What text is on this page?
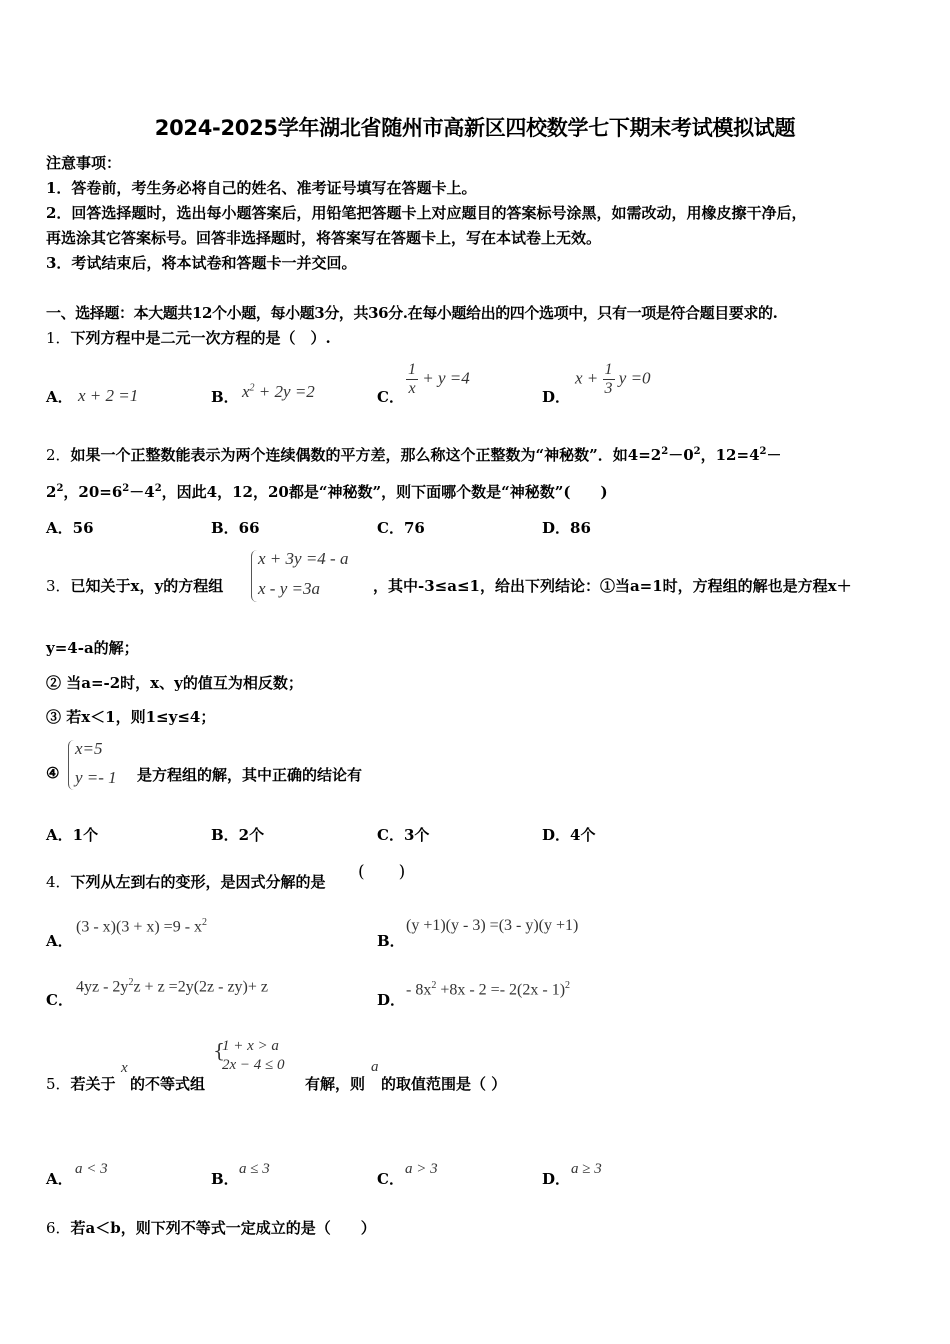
2024-2025学年湖北省随州市高新区四校数学七下期末考试模拟试题
注意事项：
1．答卷前，考生务必将自己的姓名、准考证号填写在答题卡上。
2．回答选择题时，选出每小题答案后，用铅笔把答题卡上对应题目的答案标号涂黑，如需改动，用橡皮擦干净后，
再选涂其它答案标号。回答非选择题时，将答案写在答题卡上，写在本试卷上无效。
3．考试结束后，将本试卷和答题卡一并交回。
一、选择题：本大题共12个小题，每小题3分，共36分.在每小题给出的四个选项中，只有一项是符合题目要求的.
1．下列方程中是二元一次方程的是（　）.
A． x + 2 =1	B． $x^2 + 2y =2$	C． $\frac{1}{x} + y =4$
D．
$x + \frac{1}{3}$ y =0
2．如果一个正整数能表示为两个连续偶数的平方差，那么称这个正整数为“神秘数”．如$4=2^2-0^2$，$12=4^2-$
$2^2$，$20=6^2-4^2$，因此4，12，20都是“神秘数”，则下面哪个数是“神秘数”(　　)
A．56	B．66	C．76	D．86
3．已知关于x，y的方程组
x + 3y =4 - a
x - y =3a	，其中-3≤a≤1，给出下列结论：①当a=1时，方程组的解也是方程x＋
y=4-a的解；
② 当a=-2时，x、y的值互为相反数；
③ 若x＜1，则1≤y≤4；
④
x=5
y =- 1 是方程组的解，其中正确的结论有
A．1个	B．2个	C．3个	D．4个
4．下列从左到右的变形，是因式分解的是 (　　)
A．
$(3 - x)(3 + x) =9 - x^2$
B．
(y +1)(y - 3) =(3 - y)(y +1)
C．
$4yz - 2y^2z + z =2y(2z - zy)+ z$
D．
- $8x^2 +8x - 2 =- 2(2x - 1)^2$
5．若关于
x
的不等式组
{
1 + x > a
2x − 4 ≤ 0
有解，则
a
的取值范围是（ ）
A．
a < 3
B．
a ≤ 3
C．
a > 3
D．
a ≥ 3
6．若a＜b，则下列不等式一定成立的是（　　）
